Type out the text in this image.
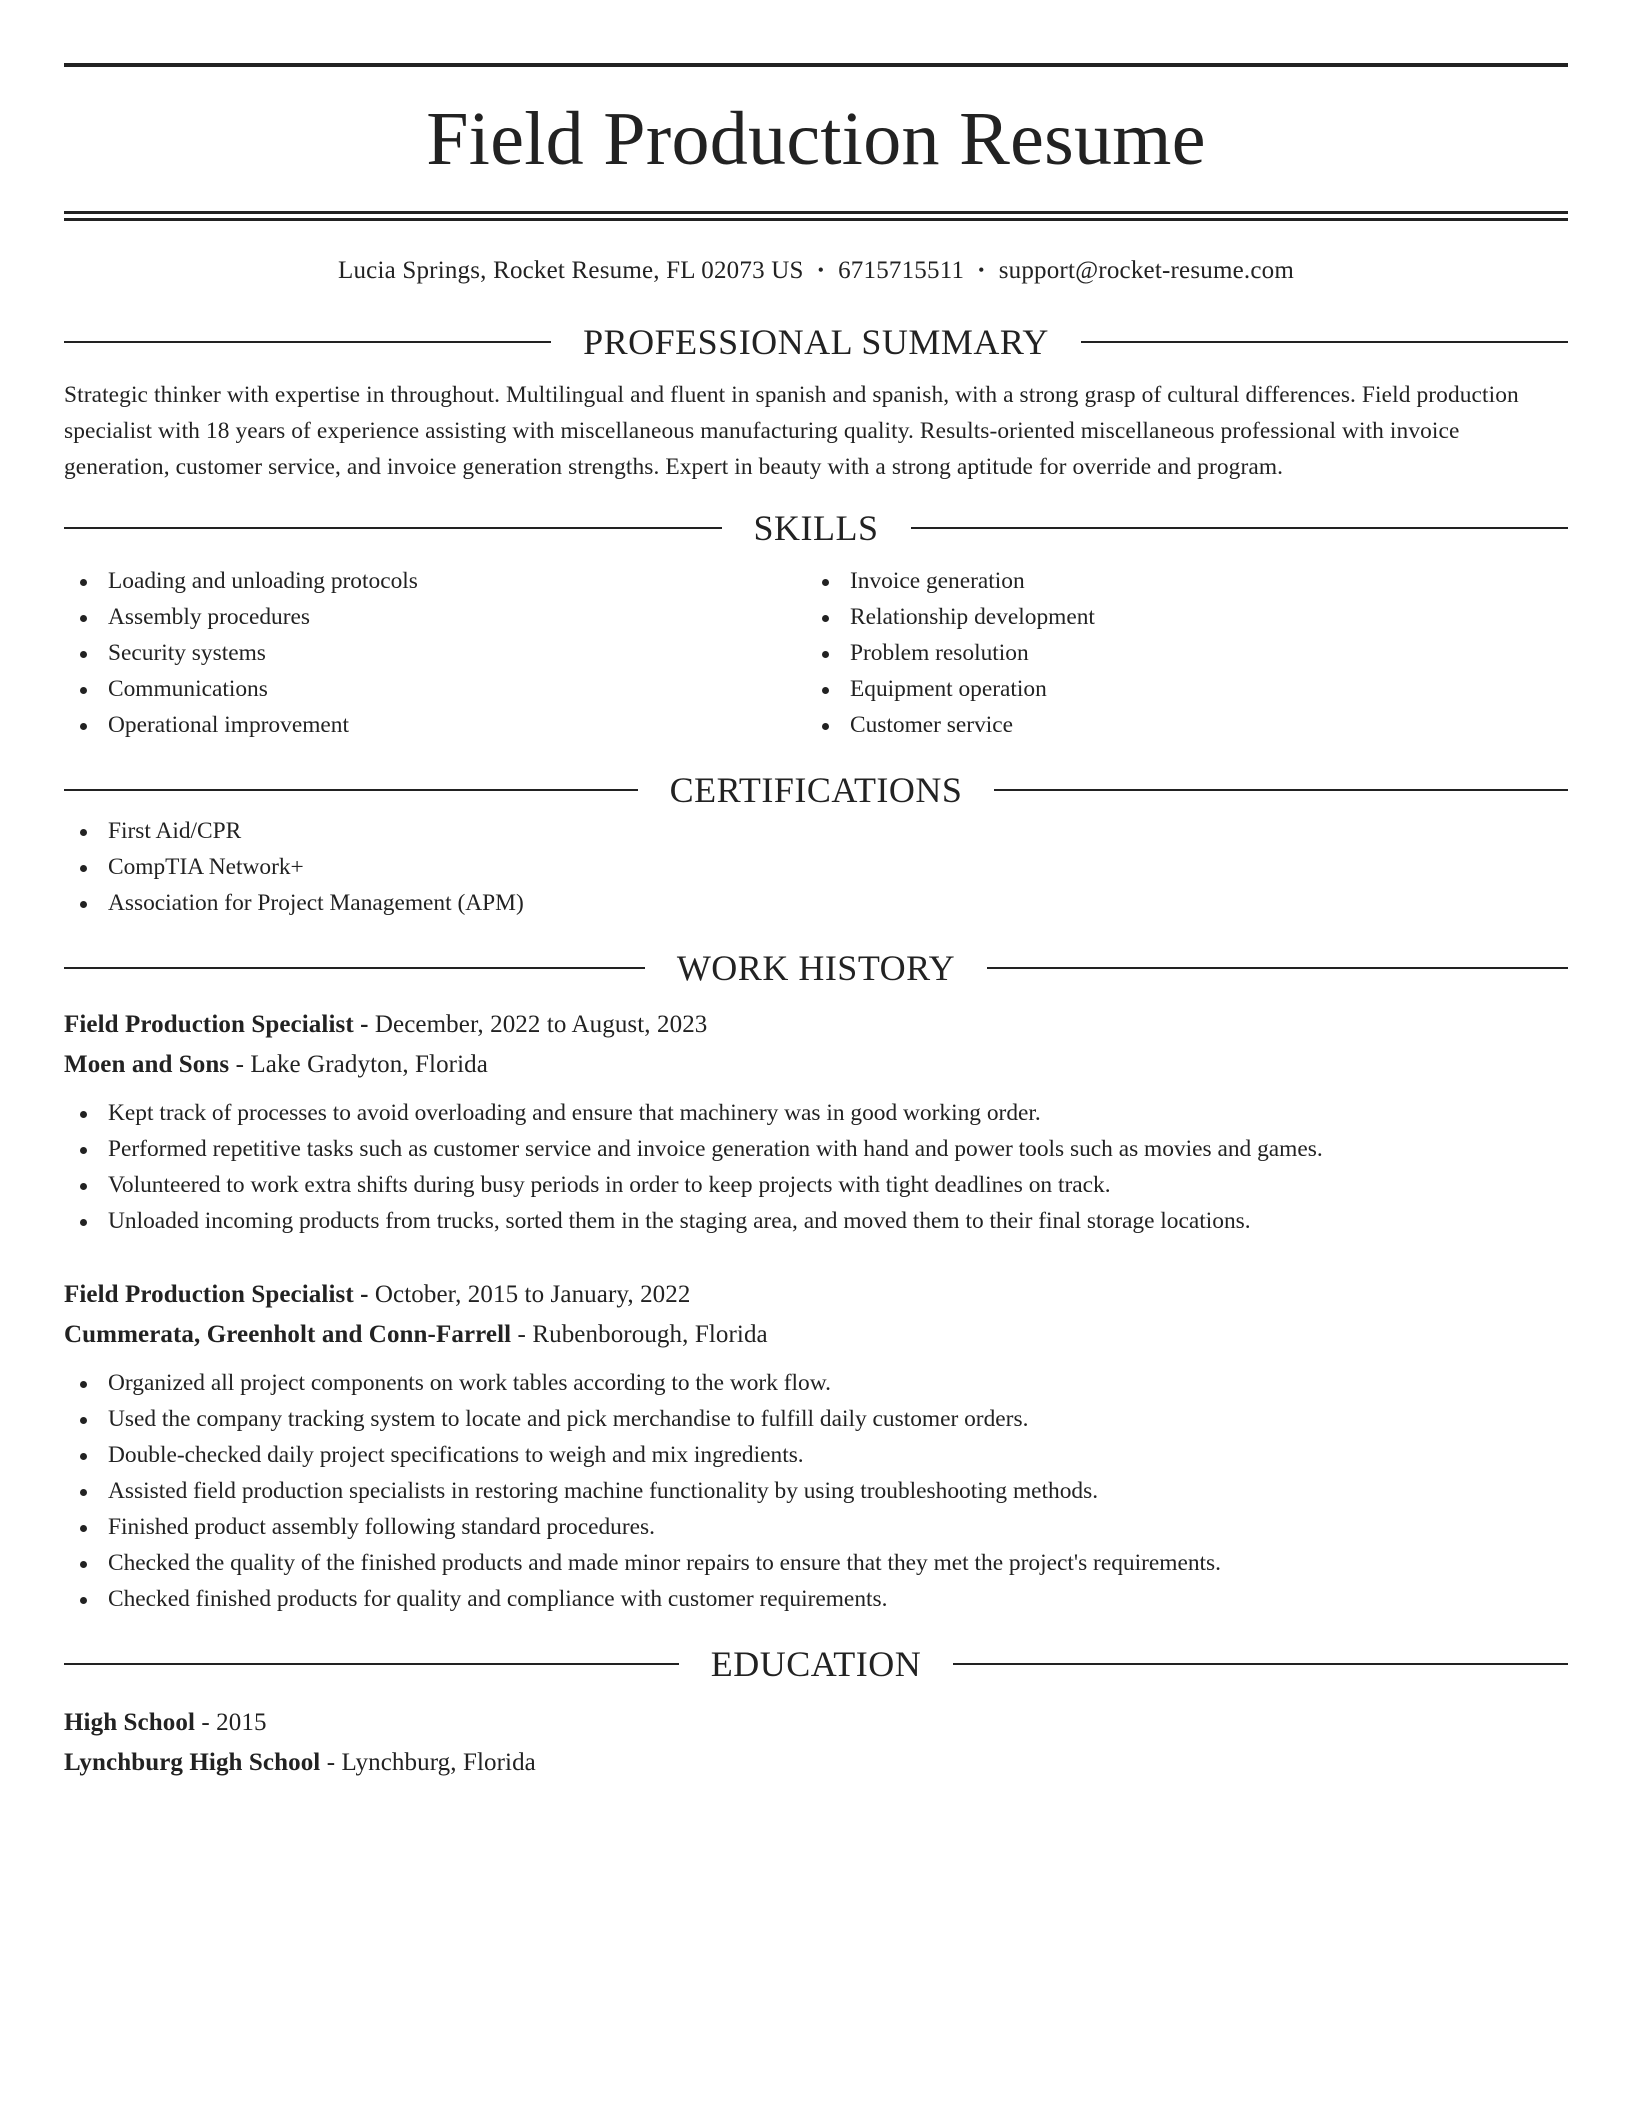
Field Production Resume
Lucia Springs, Rocket Resume, FL 02073 US • 6715715511 • support@rocket-resume.com
PROFESSIONAL SUMMARY
Strategic thinker with expertise in throughout. Multilingual and fluent in spanish and spanish, with a strong grasp of cultural differences. Field production specialist with 18 years of experience assisting with miscellaneous manufacturing quality. Results-oriented miscellaneous professional with invoice generation, customer service, and invoice generation strengths. Expert in beauty with a strong aptitude for override and program.
SKILLS
Loading and unloading protocols
Assembly procedures
Security systems
Communications
Operational improvement
Invoice generation
Relationship development
Problem resolution
Equipment operation
Customer service
CERTIFICATIONS
First Aid/CPR
CompTIA Network+
Association for Project Management (APM)
WORK HISTORY
Field Production Specialist - December, 2022 to August, 2023
Moen and Sons - Lake Gradyton, Florida
Kept track of processes to avoid overloading and ensure that machinery was in good working order.
Performed repetitive tasks such as customer service and invoice generation with hand and power tools such as movies and games.
Volunteered to work extra shifts during busy periods in order to keep projects with tight deadlines on track.
Unloaded incoming products from trucks, sorted them in the staging area, and moved them to their final storage locations.
Field Production Specialist - October, 2015 to January, 2022
Cummerata, Greenholt and Conn-Farrell - Rubenborough, Florida
Organized all project components on work tables according to the work flow.
Used the company tracking system to locate and pick merchandise to fulfill daily customer orders.
Double-checked daily project specifications to weigh and mix ingredients.
Assisted field production specialists in restoring machine functionality by using troubleshooting methods.
Finished product assembly following standard procedures.
Checked the quality of the finished products and made minor repairs to ensure that they met the project's requirements.
Checked finished products for quality and compliance with customer requirements.
EDUCATION
High School - 2015
Lynchburg High School - Lynchburg, Florida
